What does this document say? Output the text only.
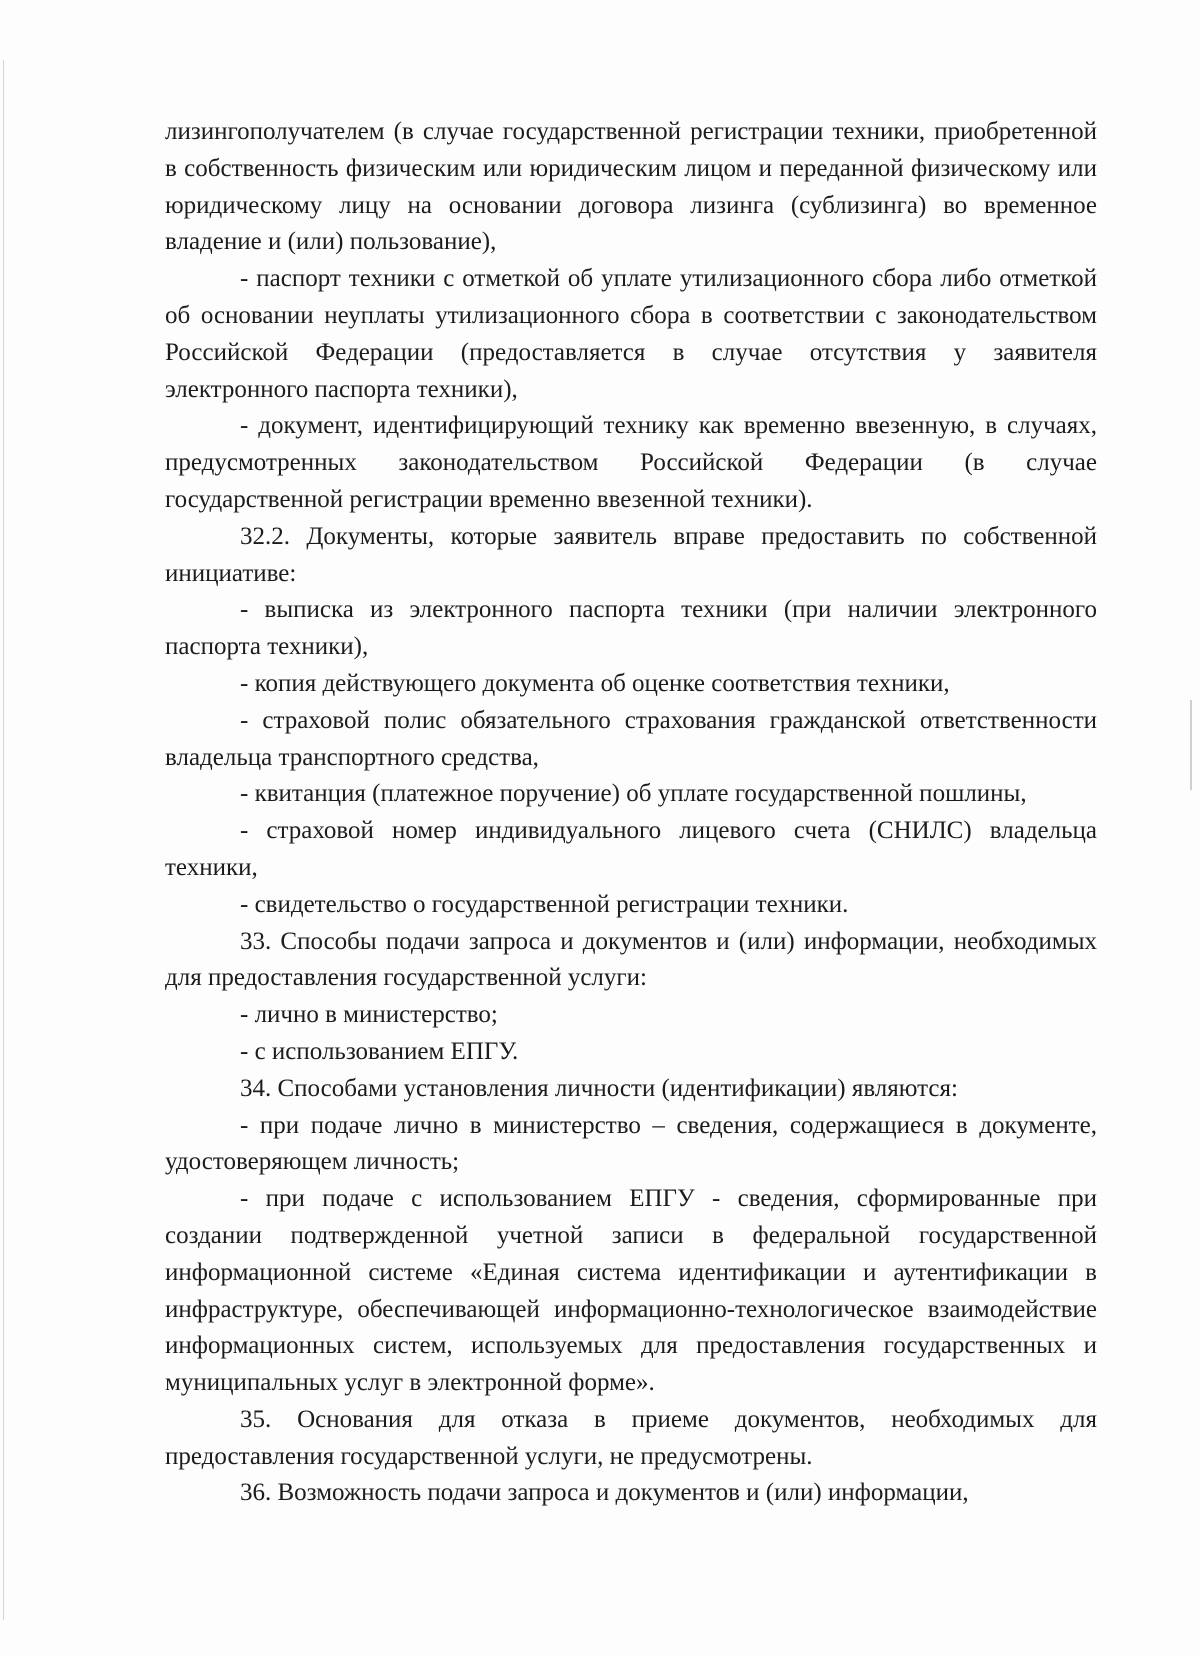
лизингополучателем (в случае государственной регистрации техники, приобретенной в собственность физическим или юридическим лицом и переданной физическому или юридическому лицу на основании договора лизинга (сублизинга) во временное владение и (или) пользование),

- паспорт техники с отметкой об уплате утилизационного сбора либо отметкой об основании неуплаты утилизационного сбора в соответствии с законодательством Российской Федерации (предоставляется в случае отсутствия у заявителя электронного паспорта техники),

- документ, идентифицирующий технику как временно ввезенную, в случаях, предусмотренных законодательством Российской Федерации (в случае государственной регистрации временно ввезенной техники).

32.2. Документы, которые заявитель вправе предоставить по собственной инициативе:

- выписка из электронного паспорта техники (при наличии электронного паспорта техники),

- копия действующего документа об оценке соответствия техники,

- страховой полис обязательного страхования гражданской ответственности владельца транспортного средства,

- квитанция (платежное поручение) об уплате государственной пошлины,

- страховой номер индивидуального лицевого счета (СНИЛС) владельца техники,

- свидетельство о государственной регистрации техники.

33. Способы подачи запроса и документов и (или) информации, необходимых для предоставления государственной услуги:

- лично в министерство;

- с использованием ЕПГУ.

34. Способами установления личности (идентификации) являются:

- при подаче лично в министерство – сведения, содержащиеся в документе, удостоверяющем личность;

- при подаче с использованием ЕПГУ - сведения, сформированные при создании подтвержденной учетной записи в федеральной государственной информационной системе «Единая система идентификации и аутентификации в инфраструктуре, обеспечивающей информационно-технологическое взаимодействие информационных систем, используемых для предоставления государственных и муниципальных услуг в электронной форме».

35. Основания для отказа в приеме документов, необходимых для предоставления государственной услуги, не предусмотрены.

36. Возможность подачи запроса и документов и (или) информации,
